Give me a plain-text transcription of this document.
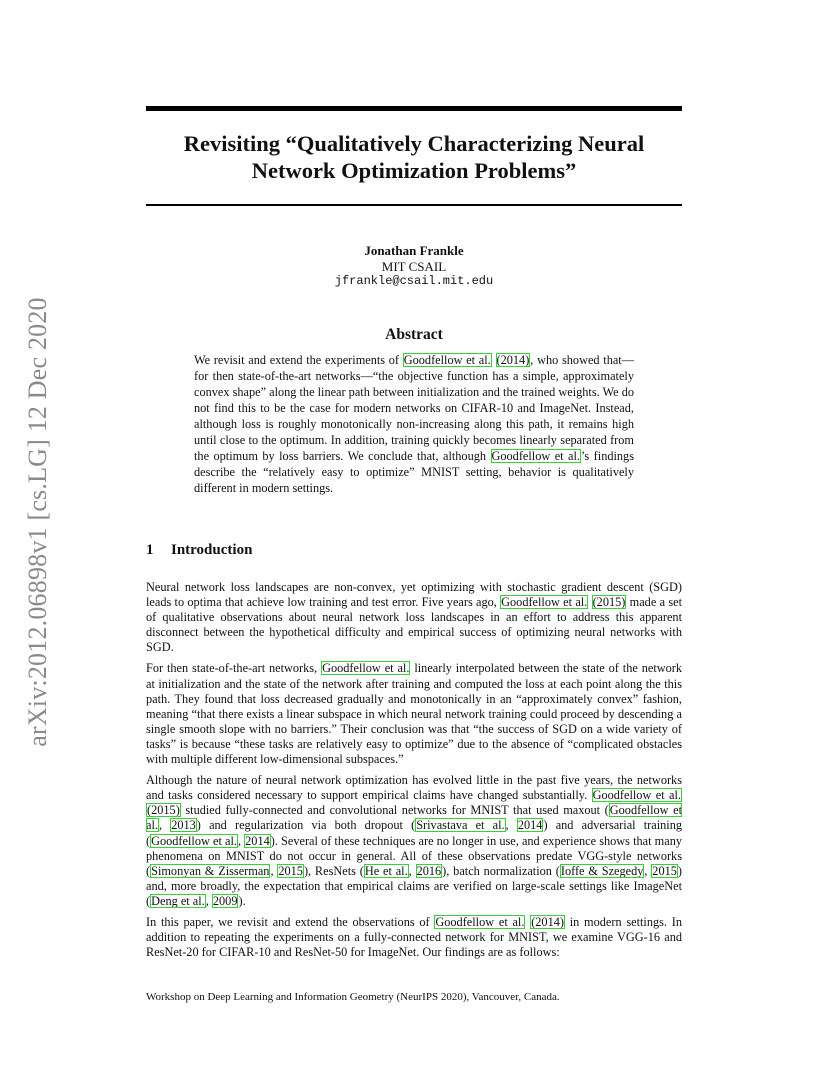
arXiv:2012.06898v1 [cs.LG] 12 Dec 2020
Revisiting “Qualitatively Characterizing Neural Network Optimization Problems”
Jonathan Frankle
MIT CSAIL
jfrankle@csail.mit.edu
Abstract

We revisit and extend the experiments of Goodfellow et al. (2014), who showed that—for then state-of-the-art networks—“the objective function has a simple, approximately convex shape” along the linear path between initialization and the trained weights. We do not find this to be the case for modern networks on CIFAR-10 and ImageNet. Instead, although loss is roughly monotonically non-increasing along this path, it remains high until close to the optimum. In addition, training quickly becomes linearly separated from the optimum by loss barriers. We conclude that, although Goodfellow et al.’s findings describe the “relatively easy to optimize” MNIST setting, behavior is qualitatively different in modern settings.

1 Introduction

Neural network loss landscapes are non-convex, yet optimizing with stochastic gradient descent (SGD) leads to optima that achieve low training and test error. Five years ago, Goodfellow et al. (2015) made a set of qualitative observations about neural network loss landscapes in an effort to address this apparent disconnect between the hypothetical difficulty and empirical success of optimizing neural networks with SGD.

For then state-of-the-art networks, Goodfellow et al. linearly interpolated between the state of the network at initialization and the state of the network after training and computed the loss at each point along the this path. They found that loss decreased gradually and monotonically in an “approximately convex” fashion, meaning “that there exists a linear subspace in which neural network training could proceed by descending a single smooth slope with no barriers.” Their conclusion was that “the success of SGD on a wide variety of tasks” is because “these tasks are relatively easy to optimize” due to the absence of “complicated obstacles with multiple different low-dimensional subspaces.”

Although the nature of neural network optimization has evolved little in the past five years, the networks and tasks considered necessary to support empirical claims have changed substantially. Goodfellow et al. (2015) studied fully-connected and convolutional networks for MNIST that used maxout (Goodfellow et al., 2013) and regularization via both dropout (Srivastava et al., 2014) and adversarial training (Goodfellow et al., 2014). Several of these techniques are no longer in use, and experience shows that many phenomena on MNIST do not occur in general. All of these observations predate VGG-style networks (Simonyan & Zisserman, 2015), ResNets (He et al., 2016), batch normalization (Ioffe & Szegedy, 2015) and, more broadly, the expectation that empirical claims are verified on large-scale settings like ImageNet (Deng et al., 2009).

In this paper, we revisit and extend the observations of Goodfellow et al. (2014) in modern settings. In addition to repeating the experiments on a fully-connected network for MNIST, we examine VGG-16 and ResNet-20 for CIFAR-10 and ResNet-50 for ImageNet. Our findings are as follows:

Workshop on Deep Learning and Information Geometry (NeurIPS 2020), Vancouver, Canada.
